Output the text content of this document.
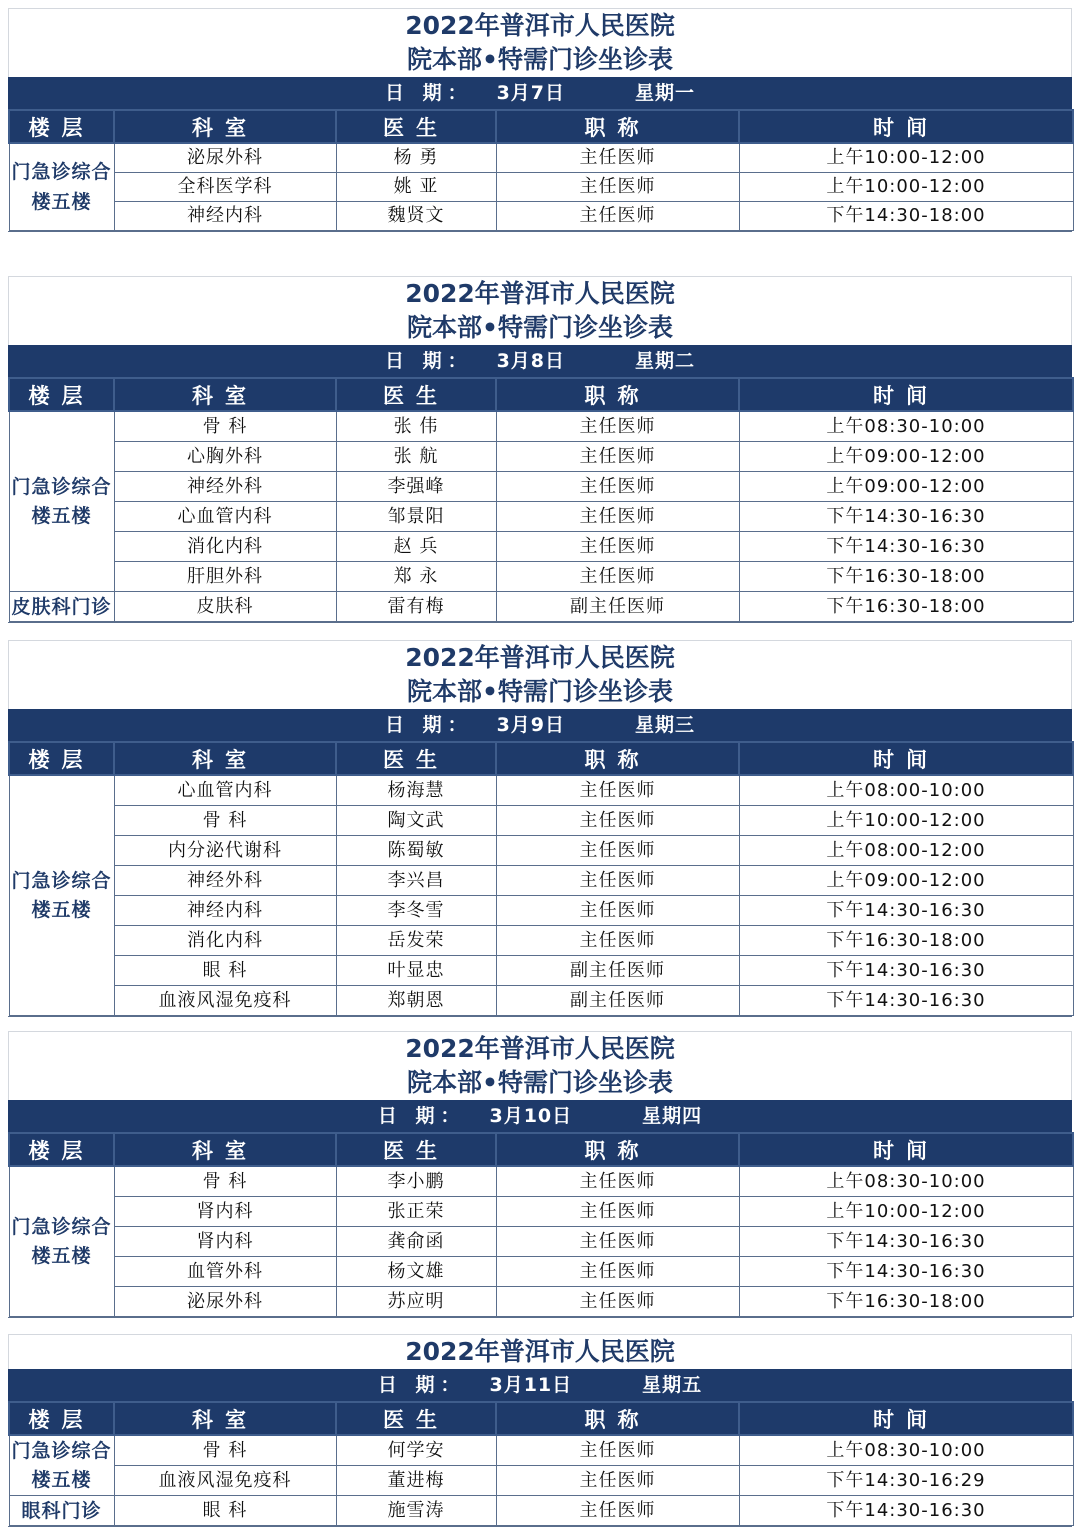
2022年普洱市人民医院
院本部•特需门诊坐诊表
日 期： 3月7日	星期一
楼层	科室	医生	职称	时间
门急诊综合楼五楼	泌尿外科	杨 勇	主任医师	上午10:00-12:00
	全科医学科	姚 亚	主任医师	上午10:00-12:00
	神经内科	魏贤文	主任医师	下午14:30-18:00
2022年普洱市人民医院
院本部•特需门诊坐诊表
日 期： 3月8日	星期二
楼层	科室	医生	职称	时间
门急诊综合楼五楼	骨 科	张 伟	主任医师	上午08:30-10:00
	心胸外科	张 航	主任医师	上午09:00-12:00
	神经外科	李强峰	主任医师	上午09:00-12:00
	心血管内科	邹景阳	主任医师	下午14:30-16:30
	消化内科	赵 兵	主任医师	下午14:30-16:30
	肝胆外科	郑 永	主任医师	下午16:30-18:00
皮肤科门诊	皮肤科	雷有梅	副主任医师	下午16:30-18:00
2022年普洱市人民医院
院本部•特需门诊坐诊表
日 期： 3月9日	星期三
楼层	科室	医生	职称	时间
门急诊综合楼五楼	心血管内科	杨海慧	主任医师	上午08:00-10:00
	骨 科	陶文武	主任医师	上午10:00-12:00
	内分泌代谢科	陈蜀敏	主任医师	上午08:00-12:00
	神经外科	李兴昌	主任医师	上午09:00-12:00
	神经内科	李冬雪	主任医师	下午14:30-16:30
	消化内科	岳发荣	主任医师	下午16:30-18:00
	眼 科	叶显忠	副主任医师	下午14:30-16:30
	血液风湿免疫科	郑朝恩	副主任医师	下午14:30-16:30
2022年普洱市人民医院
院本部•特需门诊坐诊表
日 期： 3月10日	星期四
楼层	科室	医生	职称	时间
门急诊综合楼五楼	骨 科	李小鹏	主任医师	上午08:30-10:00
	肾内科	张正荣	主任医师	上午10:00-12:00
	肾内科	龚俞函	主任医师	下午14:30-16:30
	血管外科	杨文雄	主任医师	下午14:30-16:30
	泌尿外科	苏应明	主任医师	下午16:30-18:00
2022年普洱市人民医院
日 期： 3月11日	星期五
楼层	科室	医生	职称	时间
门急诊综合楼五楼	骨 科	何学安	主任医师	上午08:30-10:00
	血液风湿免疫科	董进梅	主任医师	下午14:30-16:29
眼科门诊	眼 科	施雪涛	主任医师	下午14:30-16:30
